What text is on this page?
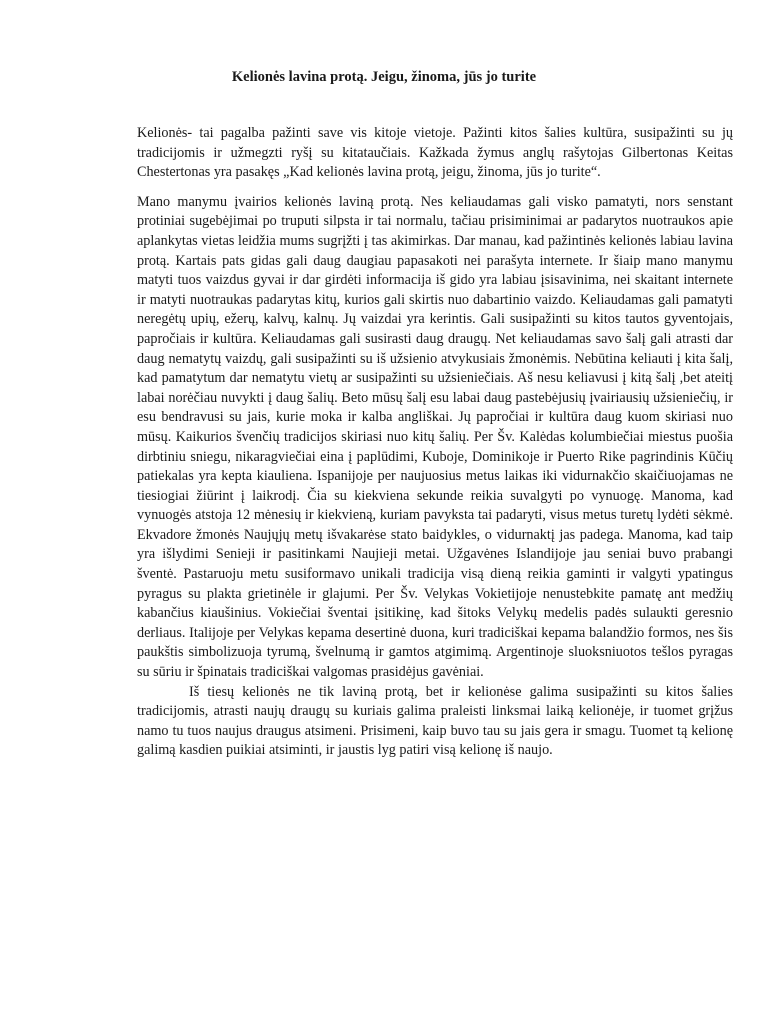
Kelionės lavina protą. Jeigu, žinoma, jūs jo turite

Kelionės- tai pagalba pažinti save vis kitoje vietoje. Pažinti kitos šalies kultūra, susipažinti su jų tradicijomis ir užmegzti ryšį su kitataučiais. Kažkada žymus anglų rašytojas Gilbertonas Keitas Chestertonas yra pasakęs „Kad kelionės lavina protą, jeigu, žinoma, jūs jo turite“.

Mano manymu įvairios kelionės laviną protą. Nes keliaudamas gali visko pamatyti, nors senstant protiniai sugebėjimai po truputi silpsta ir tai normalu, tačiau prisiminimai ar padarytos nuotraukos apie aplankytas vietas leidžia mums sugrįžti į tas akimirkas. Dar manau, kad pažintinės kelionės labiau lavina protą. Kartais pats gidas gali daug daugiau papasakoti nei parašyta internete. Ir šiaip mano manymu matyti tuos vaizdus gyvai ir dar girdėti informacija iš gido yra labiau įsisavinima, nei skaitant internete ir matyti nuotraukas padarytas kitų, kurios gali skirtis nuo dabartinio vaizdo. Keliaudamas gali pamatyti neregėtų upių, ežerų, kalvų, kalnų. Jų vaizdai yra kerintis. Gali susipažinti su kitos tautos gyventojais, papročiais ir kultūra. Keliaudamas gali susirasti daug draugų. Net keliaudamas savo šalį gali atrasti dar daug nematytų vaizdų, gali susipažinti su iš užsienio atvykusiais žmonėmis. Nebūtina keliauti į kita šalį, kad pamatytum dar nematytu vietų ar susipažinti su užsieniečiais. Aš nesu keliavusi į kitą šalį ,bet ateitį labai norėčiau nuvykti į daug šalių. Beto mūsų šalį esu labai daug pastebėjusių įvairiausių užsieniečių, ir esu bendravusi su jais, kurie moka ir kalba angliškai. Jų papročiai ir kultūra daug kuom skiriasi nuo mūsų. Kaikurios švenčių tradicijos skiriasi nuo kitų šalių. Per Šv. Kalėdas kolumbiečiai miestus puošia dirbtiniu sniegu, nikaragviečiai eina į paplūdimi, Kuboje, Dominikoje ir Puerto Rike pagrindinis Kūčių patiekalas yra kepta kiauliena. Ispanijoje per naujuosius metus laikas iki vidurnakčio skaičiuojamas ne tiesiogiai žiūrint į laikrodį. Čia su kiekviena sekunde reikia suvalgyti po vynuogę. Manoma, kad vynuogės atstoja 12 mėnesių ir kiekvieną, kuriam pavyksta tai padaryti, visus metus turetų lydėti sėkmė. Ekvadore žmonės Naujųjų metų išvakarėse stato baidykles, o vidurnaktį jas padega. Manoma, kad taip yra išlydimi Senieji ir pasitinkami Naujieji metai. Užgavėnes Islandijoje jau seniai buvo prabangi šventė. Pastaruoju metu susiformavo unikali tradicija visą dieną reikia gaminti ir valgyti ypatingus pyragus su plakta grietinėle ir glajumi. Per Šv. Velykas Vokietijoje nenustebkite pamatę ant medžių kabančius kiaušinius. Vokiečiai šventai įsitikinę, kad šitoks Velykų medelis padės sulaukti geresnio derliaus. Italijoje per Velykas kepama desertinė duona, kuri tradiciškai kepama balandžio formos, nes šis paukštis simbolizuoja tyrumą, švelnumą ir gamtos atgimimą. Argentinoje sluoksniuotos tešlos pyragas su sūriu ir špinatais tradiciškai valgomas prasidėjus gavėniai.

Iš tiesų kelionės ne tik laviną protą, bet ir kelionėse galima susipažinti su kitos šalies tradicijomis, atrasti naujų draugų su kuriais galima praleisti linksmai laiką kelionėje, ir tuomet grįžus namo tu tuos naujus draugus atsimeni. Prisimeni, kaip buvo tau su jais gera ir smagu. Tuomet tą kelionę galimą kasdien puikiai atsiminti, ir jaustis lyg patiri visą kelionę iš naujo.
